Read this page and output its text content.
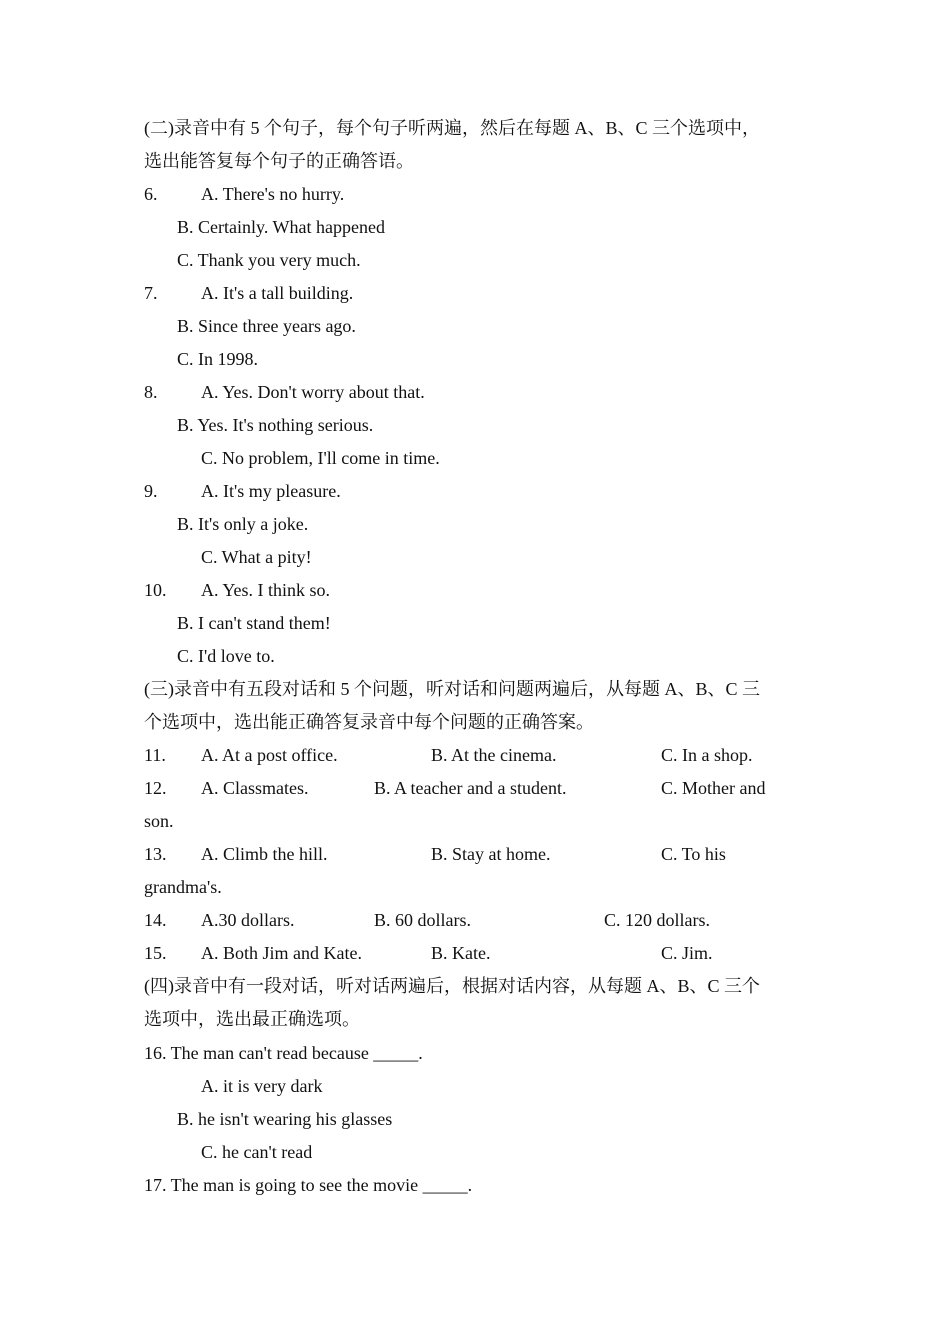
(二)录音中有 5 个句子，每个句子听两遍，然后在每题 A、B、C 三个选项中，
选出能答复每个句子的正确答语。
6. A. There's no hurry.
B. Certainly. What happened
C. Thank you very much.
7. A. It's a tall building.
B. Since three years ago.
C. In 1998.
8. A. Yes. Don't worry about that.
B. Yes. It's nothing serious.
C. No problem, I'll come in time.
9. A. It's my pleasure.
B. It's only a joke.
C. What a pity!
10. A. Yes. I think so.
B. I can't stand them!
C. I'd love to.
(三)录音中有五段对话和 5 个问题，听对话和问题两遍后，从每题 A、B、C 三
个选项中，选出能正确答复录音中每个问题的正确答案。
11. A. At a post office.	B. At the cinema.	C. In a shop.
12. A. Classmates.	B. A teacher and a student.	C. Mother and
son.
13. A. Climb the hill.	B. Stay at home.	C. To his
grandma's.
14. A.30 dollars.	B. 60 dollars.	C. 120 dollars.
15. A. Both Jim and Kate.	B. Kate.	C. Jim.
(四)录音中有一段对话，听对话两遍后，根据对话内容，从每题 A、B、C 三个
选项中，选出最正确选项。
16. The man can't read because _____.
A. it is very dark
B. he isn't wearing his glasses
C. he can't read
17. The man is going to see the movie _____.
